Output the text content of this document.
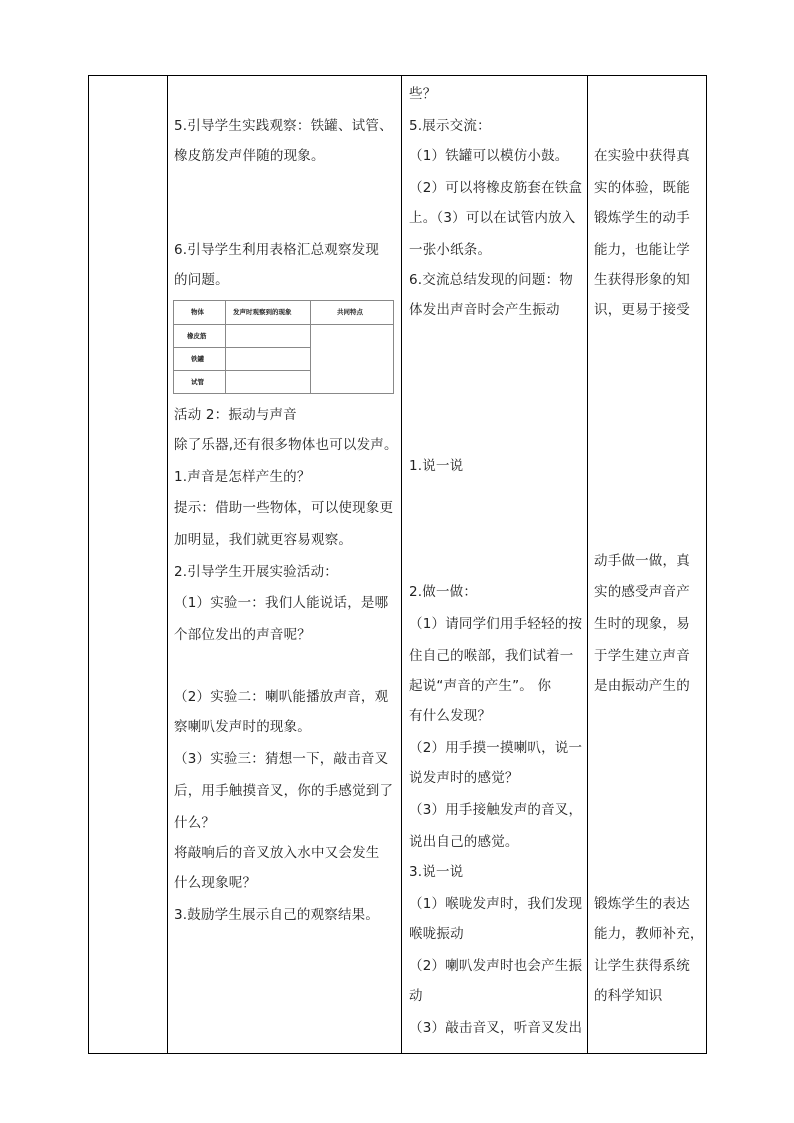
5.引导学生实践观察：铁罐、试管、
橡皮筋发声伴随的现象。
6.引导学生利用表格汇总观察发现
的问题。
活动 2：振动与声音
除了乐器,还有很多物体也可以发声。
1.声音是怎样产生的？
提示：借助一些物体，可以使现象更
加明显，我们就更容易观察。
2.引导学生开展实验活动：
（1）实验一：我们人能说话，是哪
个部位发出的声音呢？
（2）实验二：喇叭能播放声音，观
察喇叭发声时的现象。
（3）实验三：猜想一下，敲击音叉
后，用手触摸音叉，你的手感觉到了
什么？
将敲响后的音叉放入水中又会发生
什么现象呢？
3.鼓励学生展示自己的观察结果。
些？
5.展示交流：
（1）铁罐可以模仿小鼓。
（2）可以将橡皮筋套在铁盒
上。（3）可以在试管内放入
一张小纸条。
6.交流总结发现的问题：物
体发出声音时会产生振动
1.说一说
2.做一做：
（1）请同学们用手轻轻的按
住自己的喉部，我们试着一
起说“声音的产生”。 你
有什么发现？
（2）用手摸一摸喇叭，说一
说发声时的感觉？
（3）用手接触发声的音叉，
说出自己的感觉。
3.说一说
（1）喉咙发声时，我们发现
喉咙振动
（2）喇叭发声时也会产生振
动
（3）敲击音叉，听音叉发出
在实验中获得真
实的体验，既能
锻炼学生的动手
能力，也能让学
生获得形象的知
识，更易于接受
动手做一做，真
实的感受声音产
生时的现象，易
于学生建立声音
是由振动产生的
锻炼学生的表达
能力，教师补充，
让学生获得系统
的科学知识
物体	发声时观察到的现象	共同特点
橡皮筋
铁罐
试管
